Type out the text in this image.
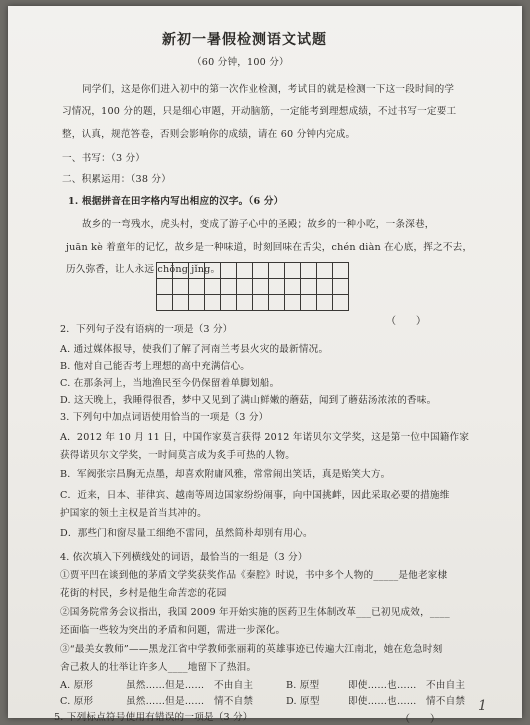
新初一暑假检测语文试题
（60 分钟，100 分）
同学们，这是你们进入初中的第一次作业检测，考试目的就是检测一下这一段时间的学
习情况，100 分的题，只是细心审题，开动脑筋，一定能考到理想成绩，不过书写一定要工
整，认真，规范答卷，否则会影响你的成绩，请在 60 分钟内完成。
一、书写：（3 分）
二、积累运用：（38 分）
1. 根据拼音在田字格内写出相应的汉字。（6 分）
故乡的一弯残水，虎头村，变成了游子心中的圣殿；故乡的一种小吃，一条深巷，
juān kè 着童年的记忆，故乡是一种味道，时刻回味在舌尖，chén diàn 在心底，挥之不去，
历久弥香，让人永远 chōng jǐng。
2．下列句子没有语病的一项是（3 分）
（　　）
A. 通过媒体报导，使我们了解了河南兰考县火灾的最新情况。
B. 他对自己能否考上理想的高中充满信心。
C. 在那条河上，当地渔民至今仍保留着单脚划船。
D. 这天晚上，我睡得很香，梦中又见到了满山鲜嫩的蘑菇，闻到了蘑菇汤浓浓的香味。
3. 下列句中加点词语使用恰当的一项是（3 分）
A．2012 年 10 月 11 日，中国作家莫言获得 2012 年诺贝尔文学奖，这是第一位中国籍作家
获得诺贝尔文学奖，一时间莫言成为炙手可热的人物。
B．军阀张宗昌胸无点墨，却喜欢附庸风雅，常常闹出笑话，真是贻笑大方。
C．近来，日本、菲律宾、越南等周边国家纷纷闹事，向中国挑衅，因此采取必要的措施维
护国家的领土主权是首当其冲的。
D．那些门和窗尽量工细绝不雷同，虽然简朴却别有用心。
4. 依次填入下列横线处的词语，最恰当的一组是（3 分）
①贾平凹在谈到他的茅盾文学奖获奖作品《秦腔》时说，书中多个人物的_____是他老家棣
花街的村民，乡村是他生命苦恋的花园
②国务院常务会议指出，我国 2009 年开始实施的医药卫生体制改革___已初见成效，____
还面临一些较为突出的矛盾和问题，需进一步深化。
③“最美女教师”——黑龙江省中学教师张丽莉的英雄事迹已传遍大江南北，她在危急时刻
舍己救人的壮举让许多人____地留下了热泪。
A. 原形	虽然……但是…… 不由自主	B. 原型	即使……也…… 不由自主
C. 原形	虽然……但是…… 情不自禁	D. 原型	即使……也…… 情不自禁
5. 下列标点符号使用有错误的一项是（3 分）	（　　）
1
